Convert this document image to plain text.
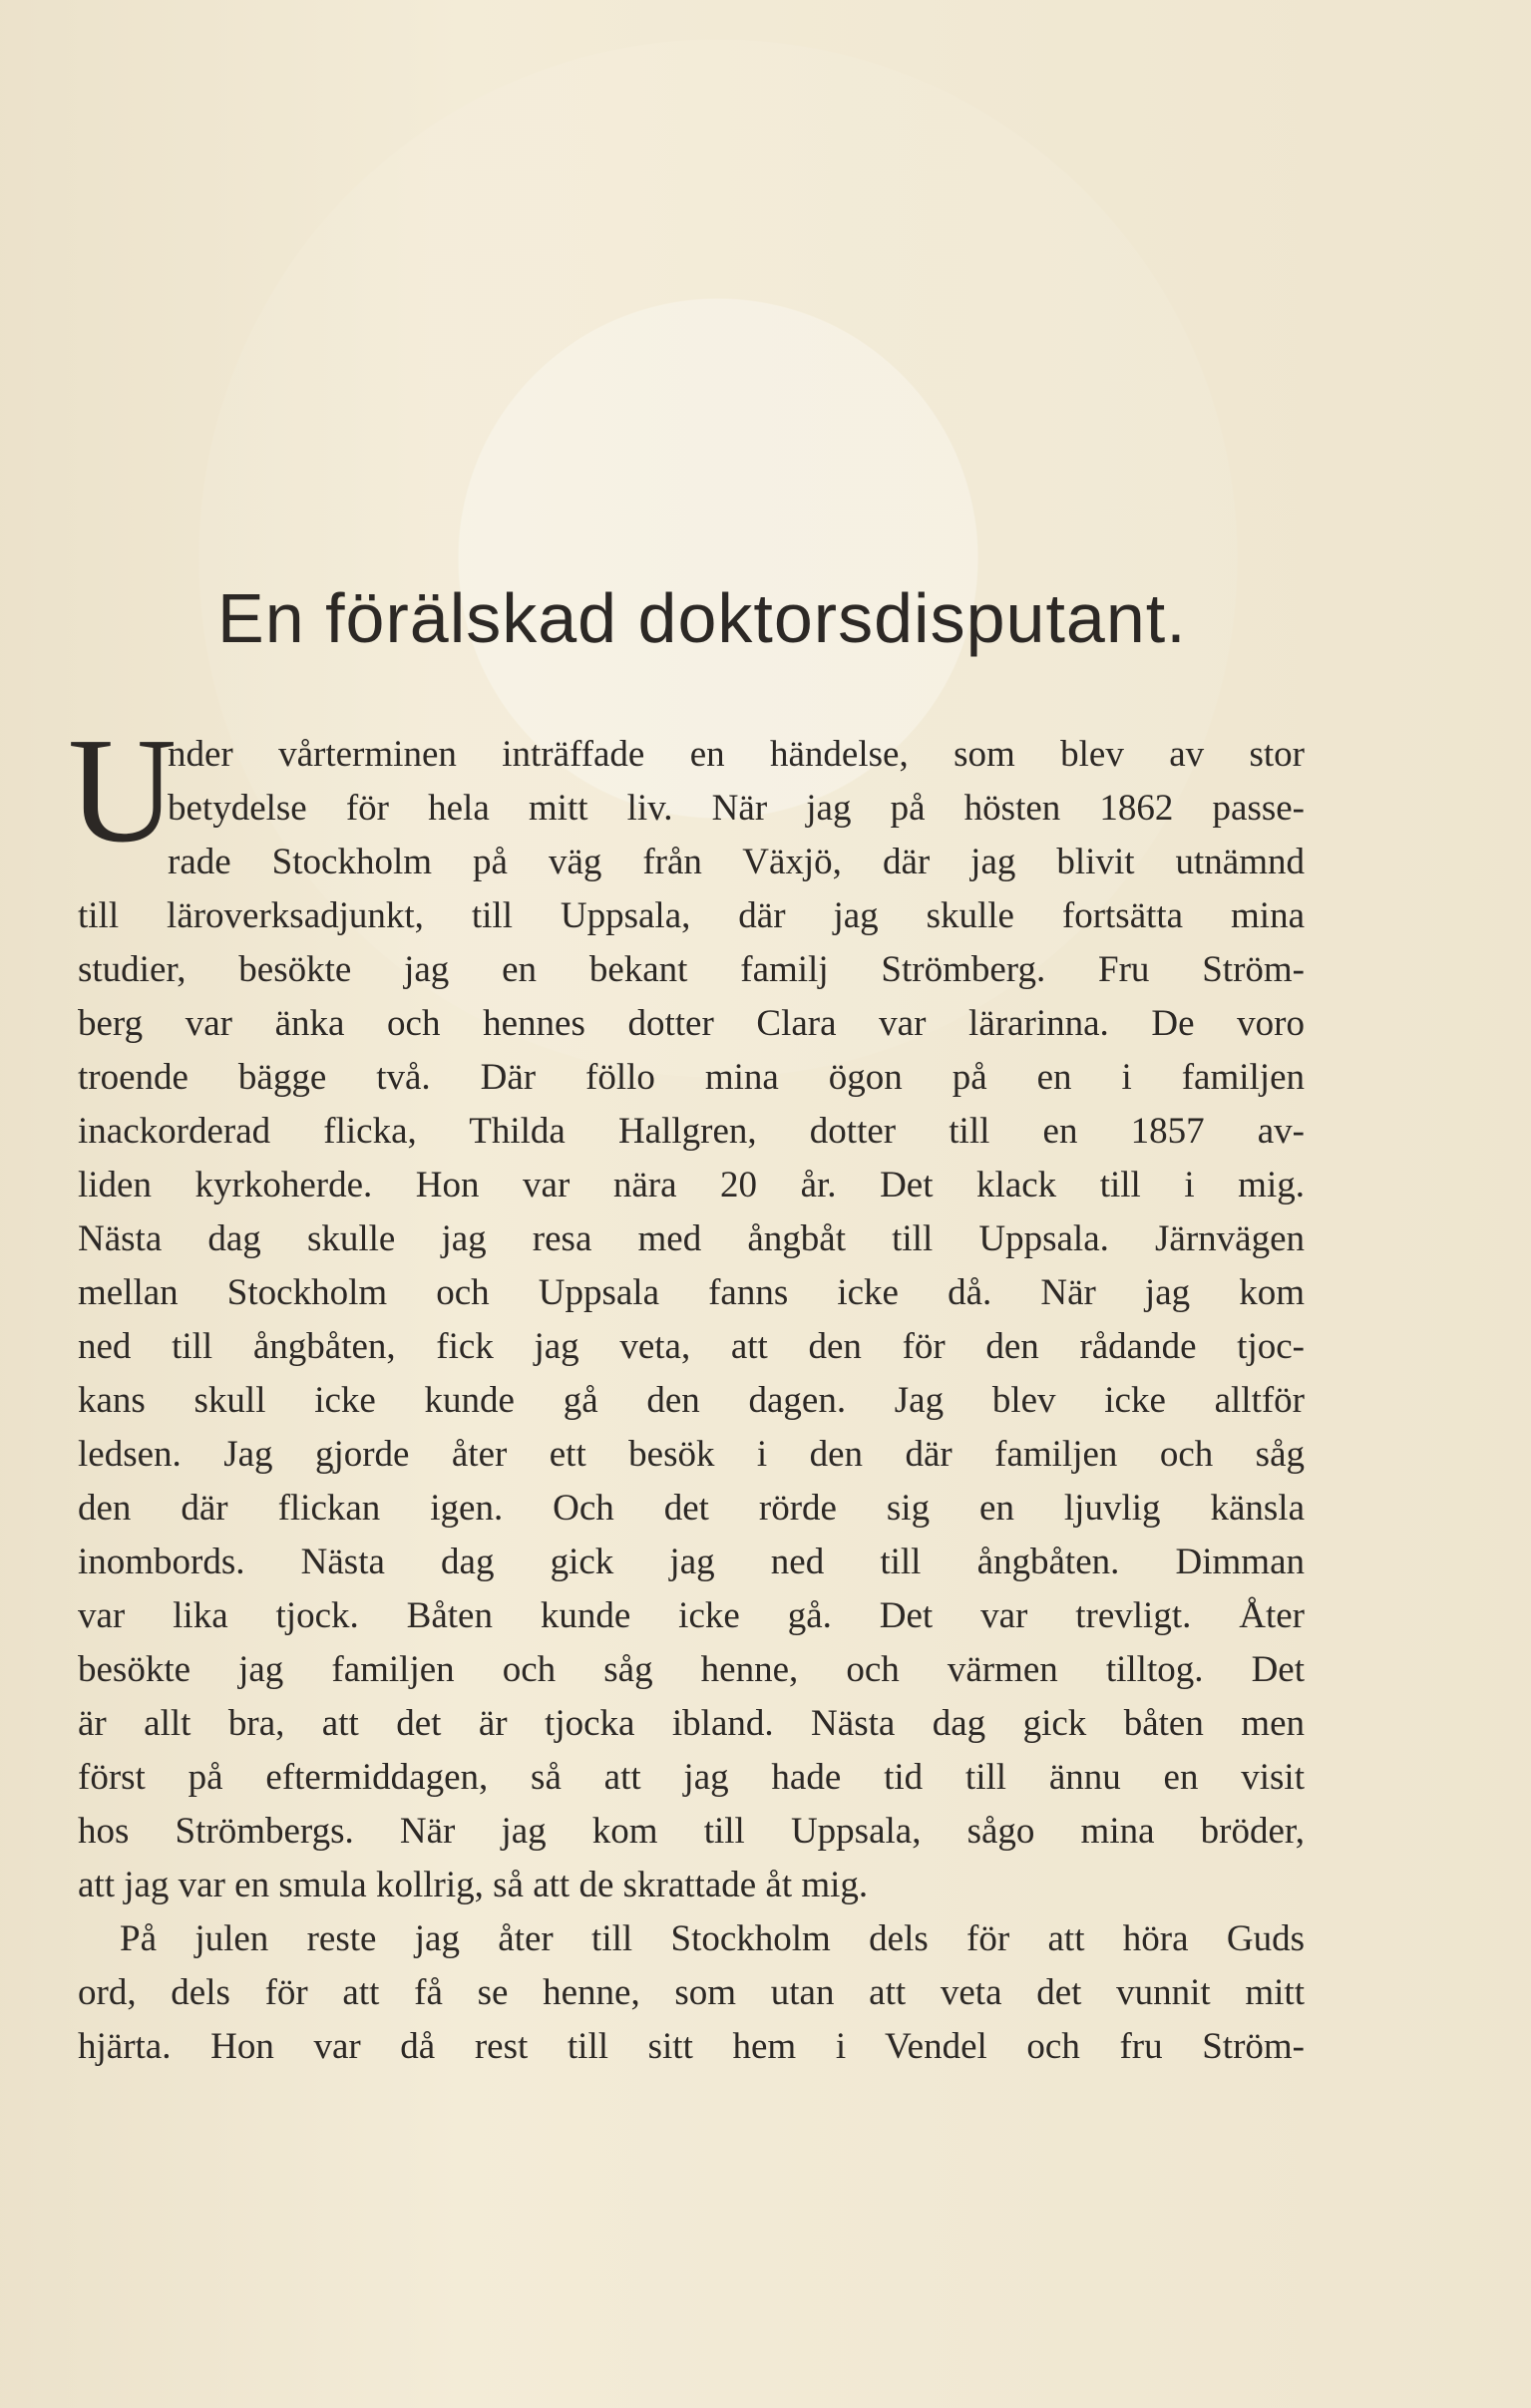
En förälskad doktorsdisputant.
U
nder vårterminen inträffade en händelse, som blev av stor
betydelse för hela mitt liv. När jag på hösten 1862 passe-
rade Stockholm på väg från Växjö, där jag blivit utnämnd
till läroverksadjunkt, till Uppsala, där jag skulle fortsätta mina
studier, besökte jag en bekant familj Strömberg. Fru Ström-
berg var änka och hennes dotter Clara var lärarinna. De voro
troende bägge två. Där föllo mina ögon på en i familjen
inackorderad flicka, Thilda Hallgren, dotter till en 1857 av-
liden kyrkoherde. Hon var nära 20 år. Det klack till i mig.
Nästa dag skulle jag resa med ångbåt till Uppsala. Järnvägen
mellan Stockholm och Uppsala fanns icke då. När jag kom
ned till ångbåten, fick jag veta, att den för den rådande tjoc-
kans skull icke kunde gå den dagen. Jag blev icke alltför
ledsen. Jag gjorde åter ett besök i den där familjen och såg
den där flickan igen. Och det rörde sig en ljuvlig känsla
inombords. Nästa dag gick jag ned till ångbåten. Dimman
var lika tjock. Båten kunde icke gå. Det var trevligt. Åter
besökte jag familjen och såg henne, och värmen tilltog. Det
är allt bra, att det är tjocka ibland. Nästa dag gick båten men
först på eftermiddagen, så att jag hade tid till ännu en visit
hos Strömbergs. När jag kom till Uppsala, sågo mina bröder,
att jag var en smula kollrig, så att de skrattade åt mig.
På julen reste jag åter till Stockholm dels för att höra Guds
ord, dels för att få se henne, som utan att veta det vunnit mitt
hjärta. Hon var då rest till sitt hem i Vendel och fru Ström-
